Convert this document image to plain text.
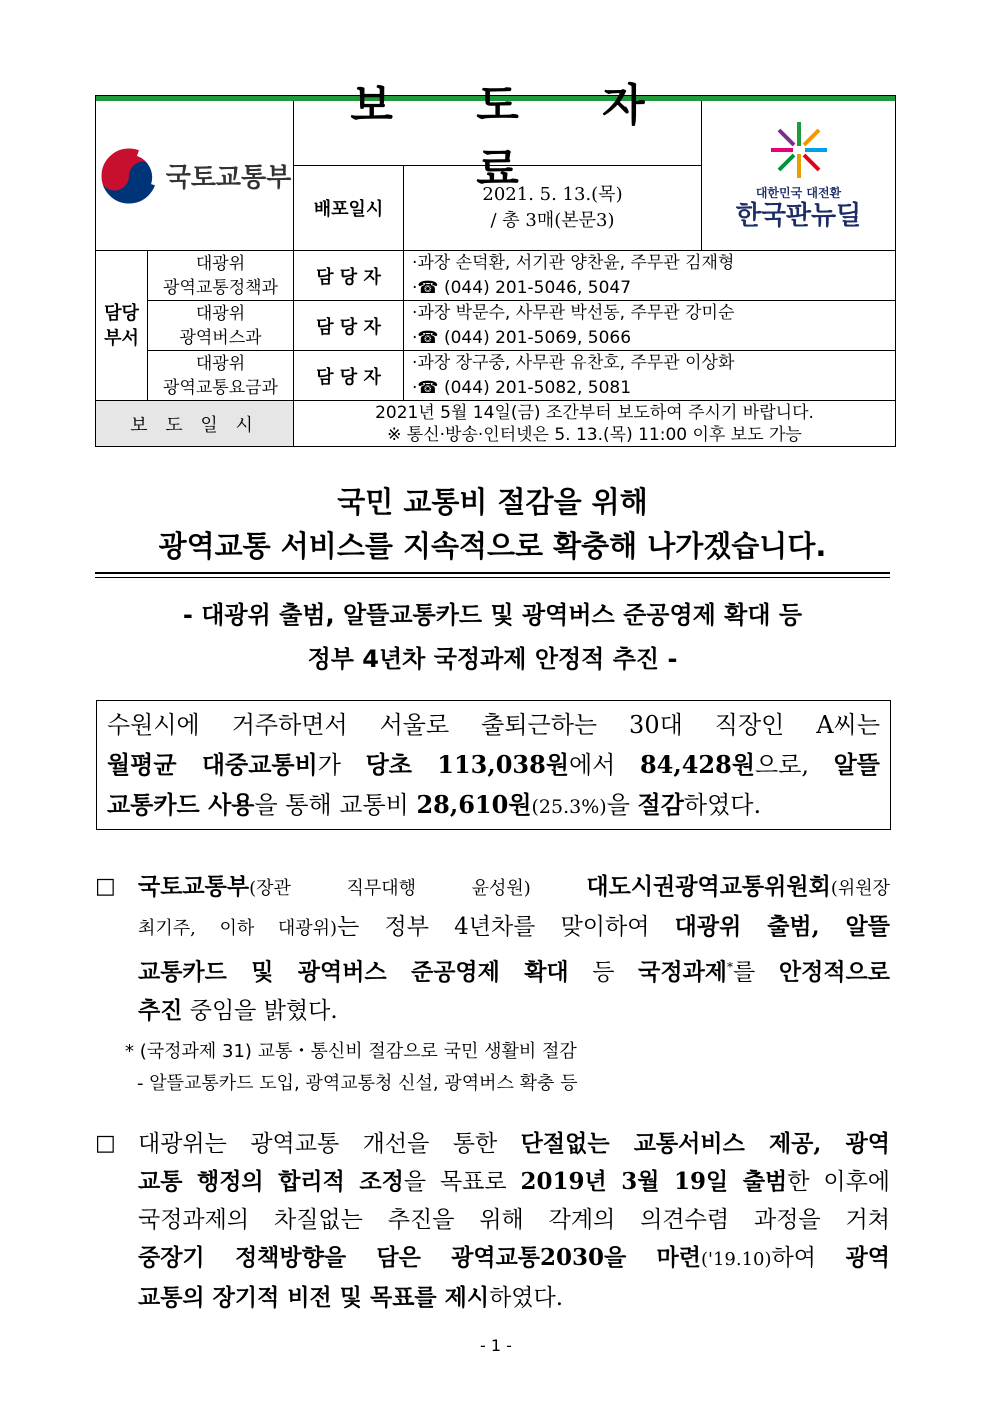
국토교통부
보 도 자 료
배포일시
2021. 5. 13.(목)
/ 총 3매(본문3)
대한민국 대전환
한국판뉴딜
담당
부서
대광위
광역교통정책과 담 당 자
·과장 손덕환, 서기관 양찬윤, 주무관 김재형
·☎ (044) 201-5046, 5047
대광위
광역버스과	담 당 자
·과장 박문수, 사무관 박선동, 주무관 강미순
·☎ (044) 201-5069, 5066
대광위
광역교통요금과 담 당 자
·과장 장구중, 사무관 유찬호, 주무관 이상화
·☎ (044) 201-5082, 5081
보 도 일 시
2021년 5월 14일(금) 조간부터 보도하여 주시기 바랍니다.
※ 통신·방송·인터넷은 5. 13.(목) 11:00 이후 보도 가능
국민 교통비 절감을 위해
광역교통 서비스를 지속적으로 확충해 나가겠습니다.
- 대광위 출범, 알뜰교통카드 및 광역버스 준공영제 확대 등
정부 4년차 국정과제 안정적 추진 -

수원시에 거주하면서 서울로 출퇴근하는 30대 직장인 A씨는

월평균 대중교통비가 당초 113,038원에서 84,428원으로, 알뜰

교통카드 사용을 통해 교통비 28,610원(25.3%)을 절감하였다.

□ 국토교통부(장관 직무대행 윤성원) 대도시권광역교통위원회(위원장
최기주, 이하 대광위)는 정부 4년차를 맞이하여 대광위 출범, 알뜰
교통카드 및 광역버스 준공영제 확대 등 국정과제*를 안정적으로
추진 중임을 밝혔다.
* (국정과제 31) 교통・통신비 절감으로 국민 생활비 절감
- 알뜰교통카드 도입, 광역교통청 신설, 광역버스 확충 등
□ 대광위는 광역교통 개선을 통한 단절없는 교통서비스 제공, 광역
교통 행정의 합리적 조정을 목표로 2019년 3월 19일 출범한 이후에
국정과제의 차질없는 추진을 위해 각계의 의견수렴 과정을 거쳐
중장기 정책방향을 담은 광역교통2030을 마련('19.10)하여 광역
교통의 장기적 비전 및 목표를 제시하였다.
- 1 -
